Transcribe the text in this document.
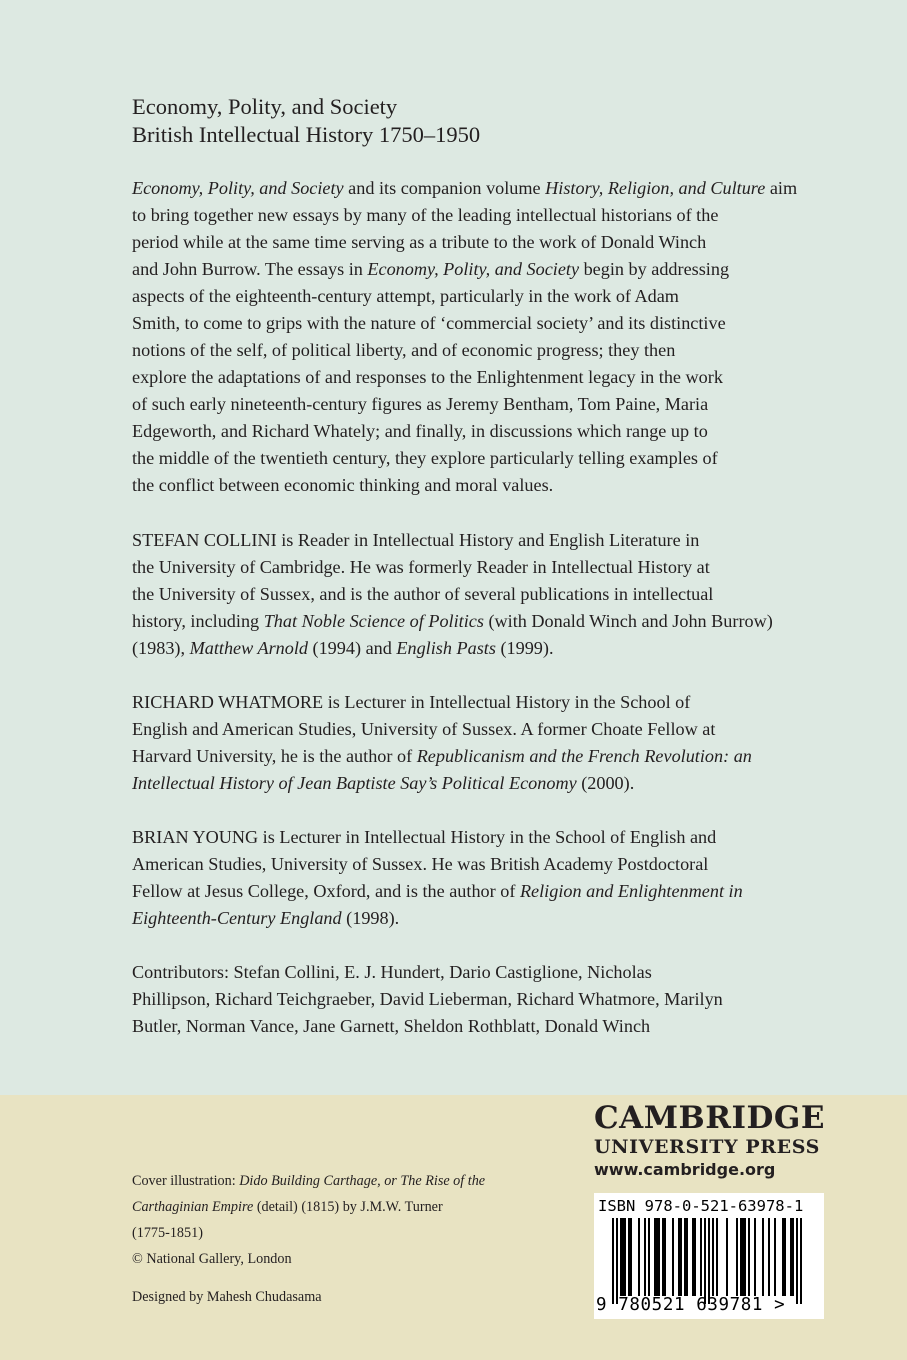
Economy, Polity, and Society
British Intellectual History 1750–1950
Economy, Polity, and Society and its companion volume History, Religion, and Culture aim
to bring together new essays by many of the leading intellectual historians of the
period while at the same time serving as a tribute to the work of Donald Winch
and John Burrow. The essays in Economy, Polity, and Society begin by addressing
aspects of the eighteenth-century attempt, particularly in the work of Adam
Smith, to come to grips with the nature of ‘commercial society’ and its distinctive
notions of the self, of political liberty, and of economic progress; they then
explore the adaptations of and responses to the Enlightenment legacy in the work
of such early nineteenth-century figures as Jeremy Bentham, Tom Paine, Maria
Edgeworth, and Richard Whately; and finally, in discussions which range up to
the middle of the twentieth century, they explore particularly telling examples of
the conflict between economic thinking and moral values.
STEFAN COLLINI is Reader in Intellectual History and English Literature in
the University of Cambridge. He was formerly Reader in Intellectual History at
the University of Sussex, and is the author of several publications in intellectual
history, including That Noble Science of Politics (with Donald Winch and John Burrow)
(1983), Matthew Arnold (1994) and English Pasts (1999).
RICHARD WHATMORE is Lecturer in Intellectual History in the School of
English and American Studies, University of Sussex. A former Choate Fellow at
Harvard University, he is the author of Republicanism and the French Revolution: an
Intellectual History of Jean Baptiste Say’s Political Economy (2000).
BRIAN YOUNG is Lecturer in Intellectual History in the School of English and
American Studies, University of Sussex. He was British Academy Postdoctoral
Fellow at Jesus College, Oxford, and is the author of Religion and Enlightenment in
Eighteenth-Century England (1998).
Contributors: Stefan Collini, E. J. Hundert, Dario Castiglione, Nicholas
Phillipson, Richard Teichgraeber, David Lieberman, Richard Whatmore, Marilyn
Butler, Norman Vance, Jane Garnett, Sheldon Rothblatt, Donald Winch
Cover illustration: Dido Building Carthage, or The Rise of the
Carthaginian Empire (detail) (1815) by J.M.W. Turner
(1775-1851)
© National Gallery, London
Designed by Mahesh Chudasama
CAMBRIDGE
UNIVERSITY PRESS
www.cambridge.org
ISBN 978-0-521-63978-1
9 780521 639781 >
